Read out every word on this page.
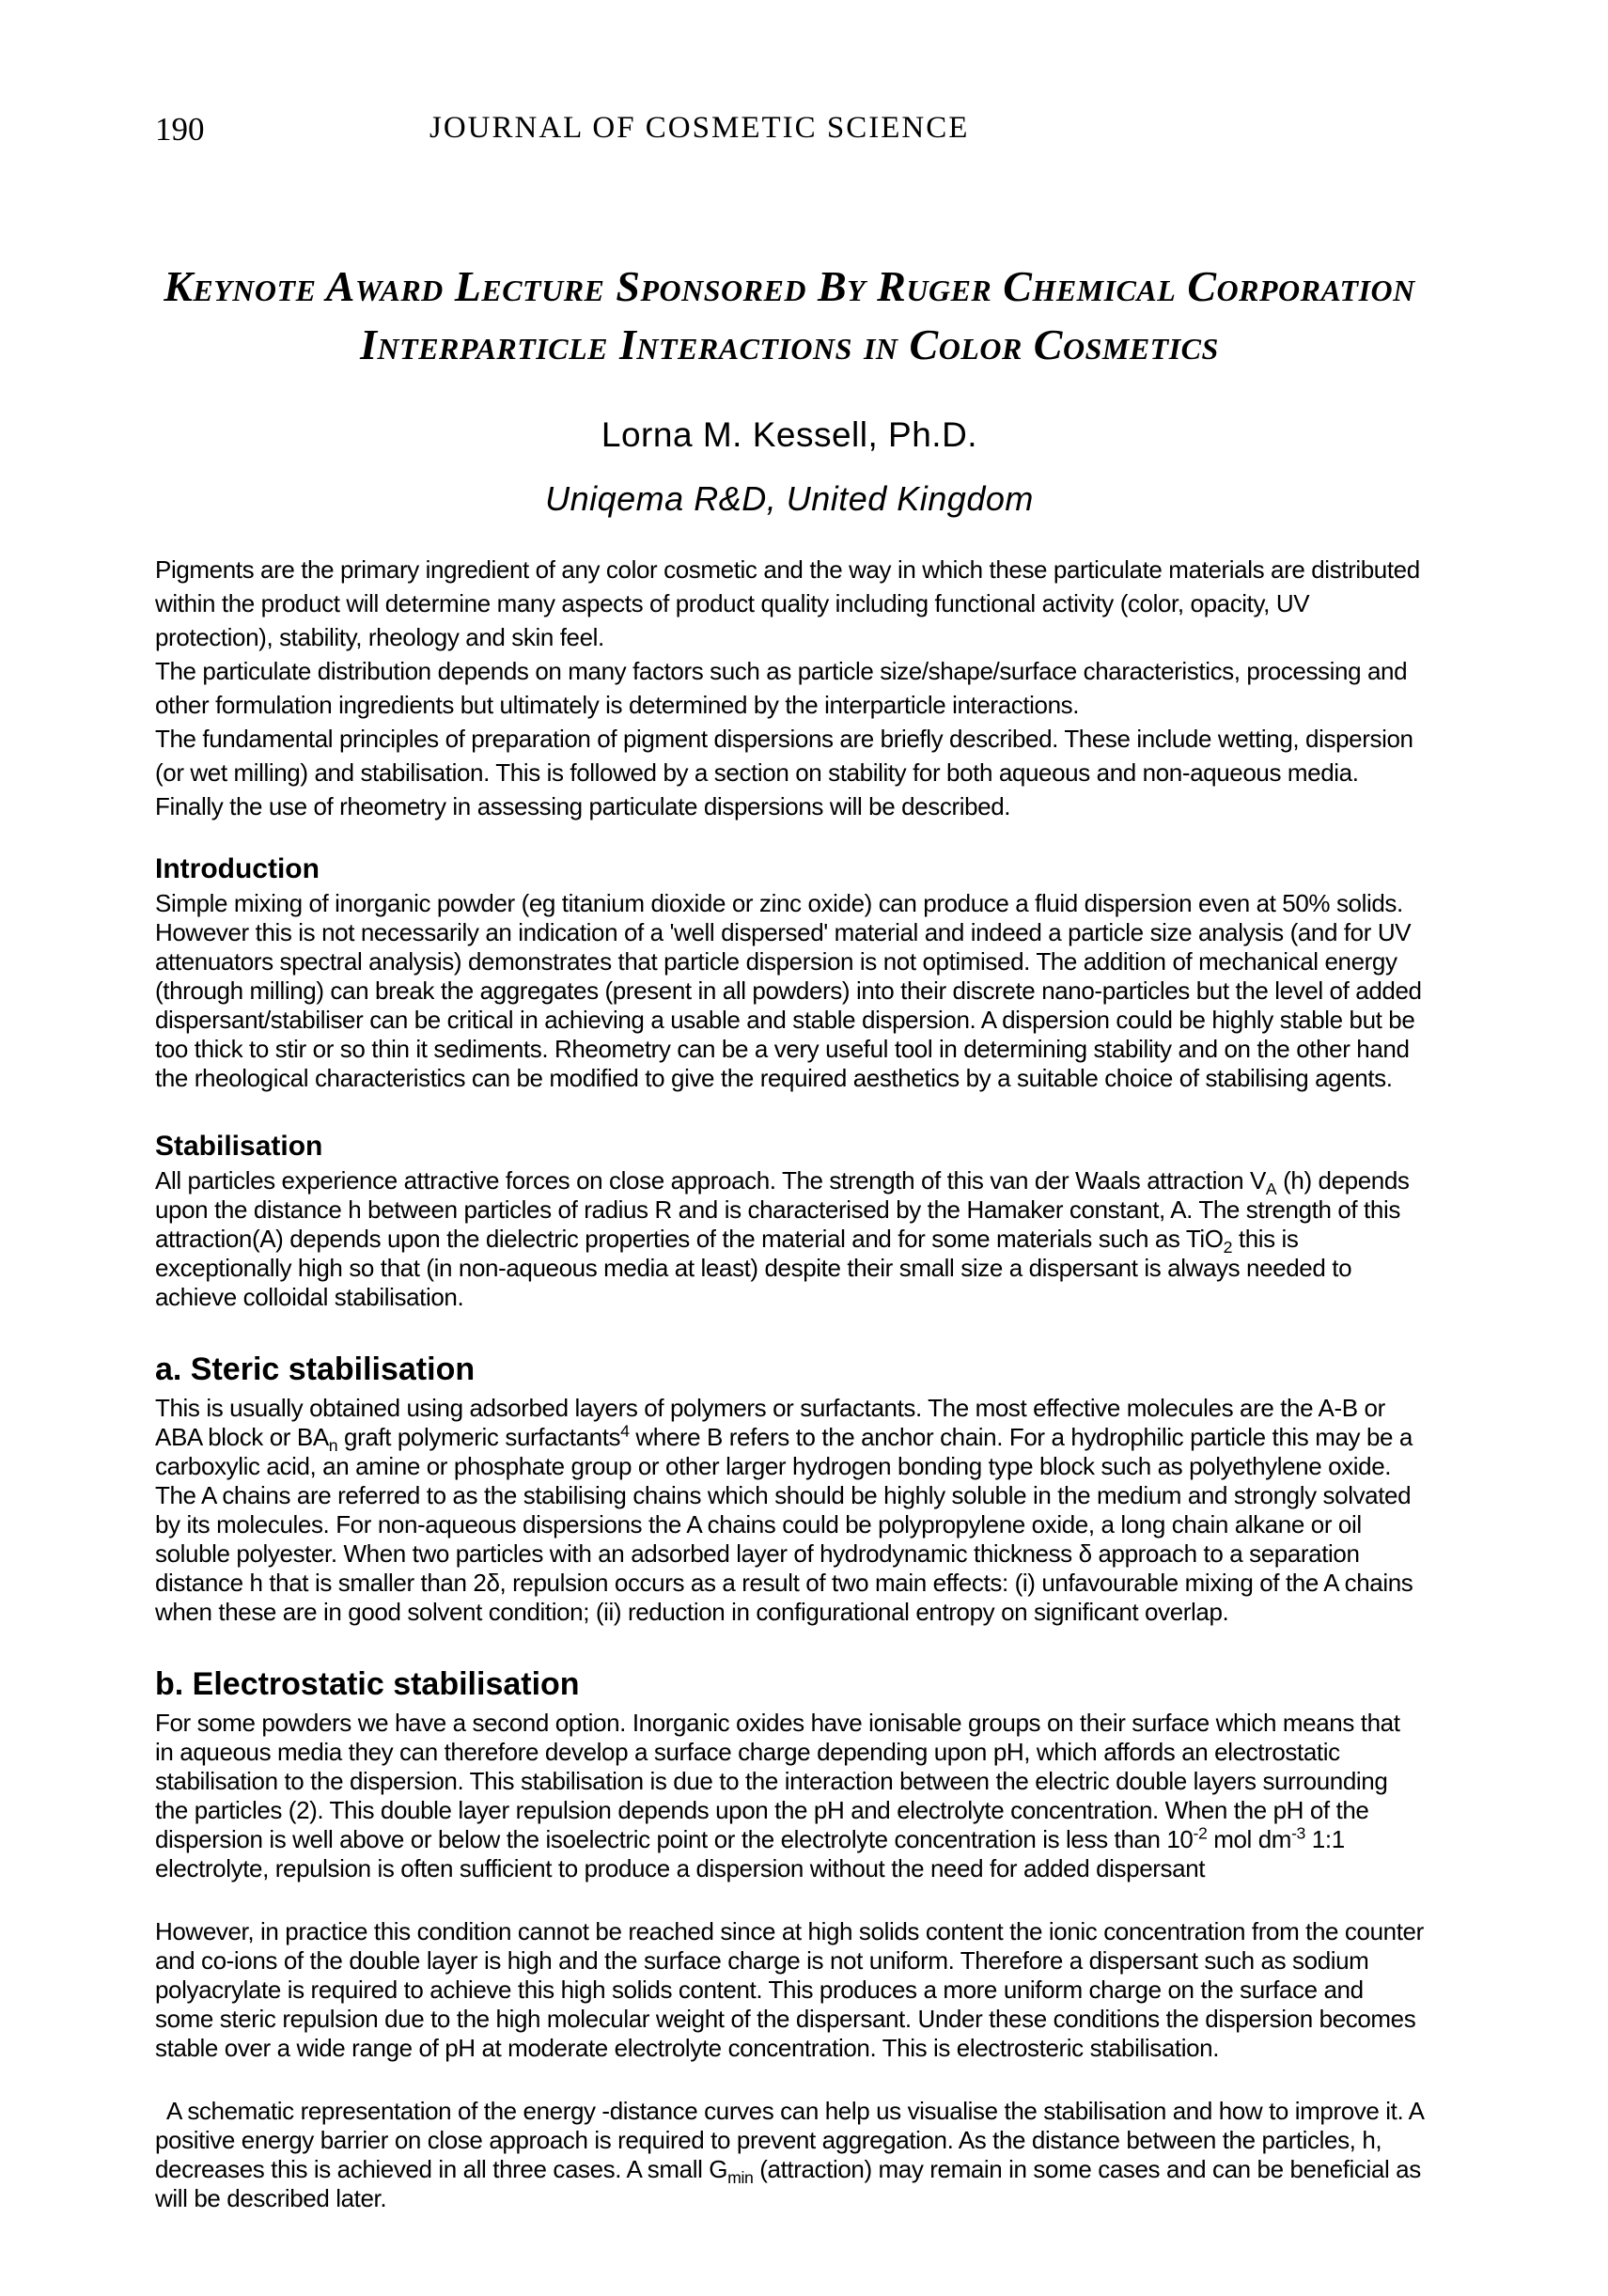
190	JOURNAL OF COSMETIC SCIENCE
Keynote Award Lecture Sponsored By Ruger Chemical Corporation
Interparticle Interactions in Color Cosmetics
Lorna M. Kessell, Ph.D.
Uniqema R&D, United Kingdom

Pigments are the primary ingredient of any color cosmetic and the way in which these particulate materials are distributed within the product will determine many aspects of product quality including functional activity (color, opacity, UV protection), stability, rheology and skin feel.

The particulate distribution depends on many factors such as particle size/shape/surface characteristics, processing and other formulation ingredients but ultimately is determined by the interparticle interactions.

The fundamental principles of preparation of pigment dispersions are briefly described. These include wetting, dispersion (or wet milling) and stabilisation. This is followed by a section on stability for both aqueous and non-aqueous media. Finally the use of rheometry in assessing particulate dispersions will be described.

Introduction

Simple mixing of inorganic powder (eg titanium dioxide or zinc oxide) can produce a fluid dispersion even at 50% solids. However this is not necessarily an indication of a 'well dispersed' material and indeed a particle size analysis (and for UV attenuators spectral analysis) demonstrates that particle dispersion is not optimised. The addition of mechanical energy (through milling) can break the aggregates (present in all powders) into their discrete nano-particles but the level of added dispersant/stabiliser can be critical in achieving a usable and stable dispersion. A dispersion could be highly stable but be too thick to stir or so thin it sediments. Rheometry can be a very useful tool in determining stability and on the other hand the rheological characteristics can be modified to give the required aesthetics by a suitable choice of stabilising agents.

Stabilisation

All particles experience attractive forces on close approach. The strength of this van der Waals attraction $V_A$ (h) depends upon the distance h between particles of radius R and is characterised by the Hamaker constant, A. The strength of this attraction(A) depends upon the dielectric properties of the material and for some materials such as TiO$_2$ this is exceptionally high so that (in non-aqueous media at least) despite their small size a dispersant is always needed to achieve colloidal stabilisation.

a. Steric stabilisation

This is usually obtained using adsorbed layers of polymers or surfactants. The most effective molecules are the A-B or ABA block or $BA_n$ graft polymeric surfactants$^4$ where B refers to the anchor chain. For a hydrophilic particle this may be a carboxylic acid, an amine or phosphate group or other larger hydrogen bonding type block such as polyethylene oxide. The A chains are referred to as the stabilising chains which should be highly soluble in the medium and strongly solvated by its molecules. For non-aqueous dispersions the A chains could be polypropylene oxide, a long chain alkane or oil soluble polyester. When two particles with an adsorbed layer of hydrodynamic thickness δ approach to a separation distance h that is smaller than 2δ, repulsion occurs as a result of two main effects: (i) unfavourable mixing of the A chains when these are in good solvent condition; (ii) reduction in configurational entropy on significant overlap.

b. Electrostatic stabilisation

For some powders we have a second option. Inorganic oxides have ionisable groups on their surface which means that in aqueous media they can therefore develop a surface charge depending upon pH, which affords an electrostatic stabilisation to the dispersion. This stabilisation is due to the interaction between the electric double layers surrounding the particles (2). This double layer repulsion depends upon the pH and electrolyte concentration. When the pH of the dispersion is well above or below the isoelectric point or the electrolyte concentration is less than $10^{-2}$ mol $dm^{-3}$ 1:1 electrolyte, repulsion is often sufficient to produce a dispersion without the need for added dispersant

However, in practice this condition cannot be reached since at high solids content the ionic concentration from the counter and co-ions of the double layer is high and the surface charge is not uniform. Therefore a dispersant such as sodium polyacrylate is required to achieve this high solids content. This produces a more uniform charge on the surface and some steric repulsion due to the high molecular weight of the dispersant. Under these conditions the dispersion becomes stable over a wide range of pH at moderate electrolyte concentration. This is electrosteric stabilisation.

A schematic representation of the energy -distance curves can help us visualise the stabilisation and how to improve it. A positive energy barrier on close approach is required to prevent aggregation. As the distance between the particles, h, decreases this is achieved in all three cases. A small $G_{min}$ (attraction) may remain in some cases and can be beneficial as will be described later.
